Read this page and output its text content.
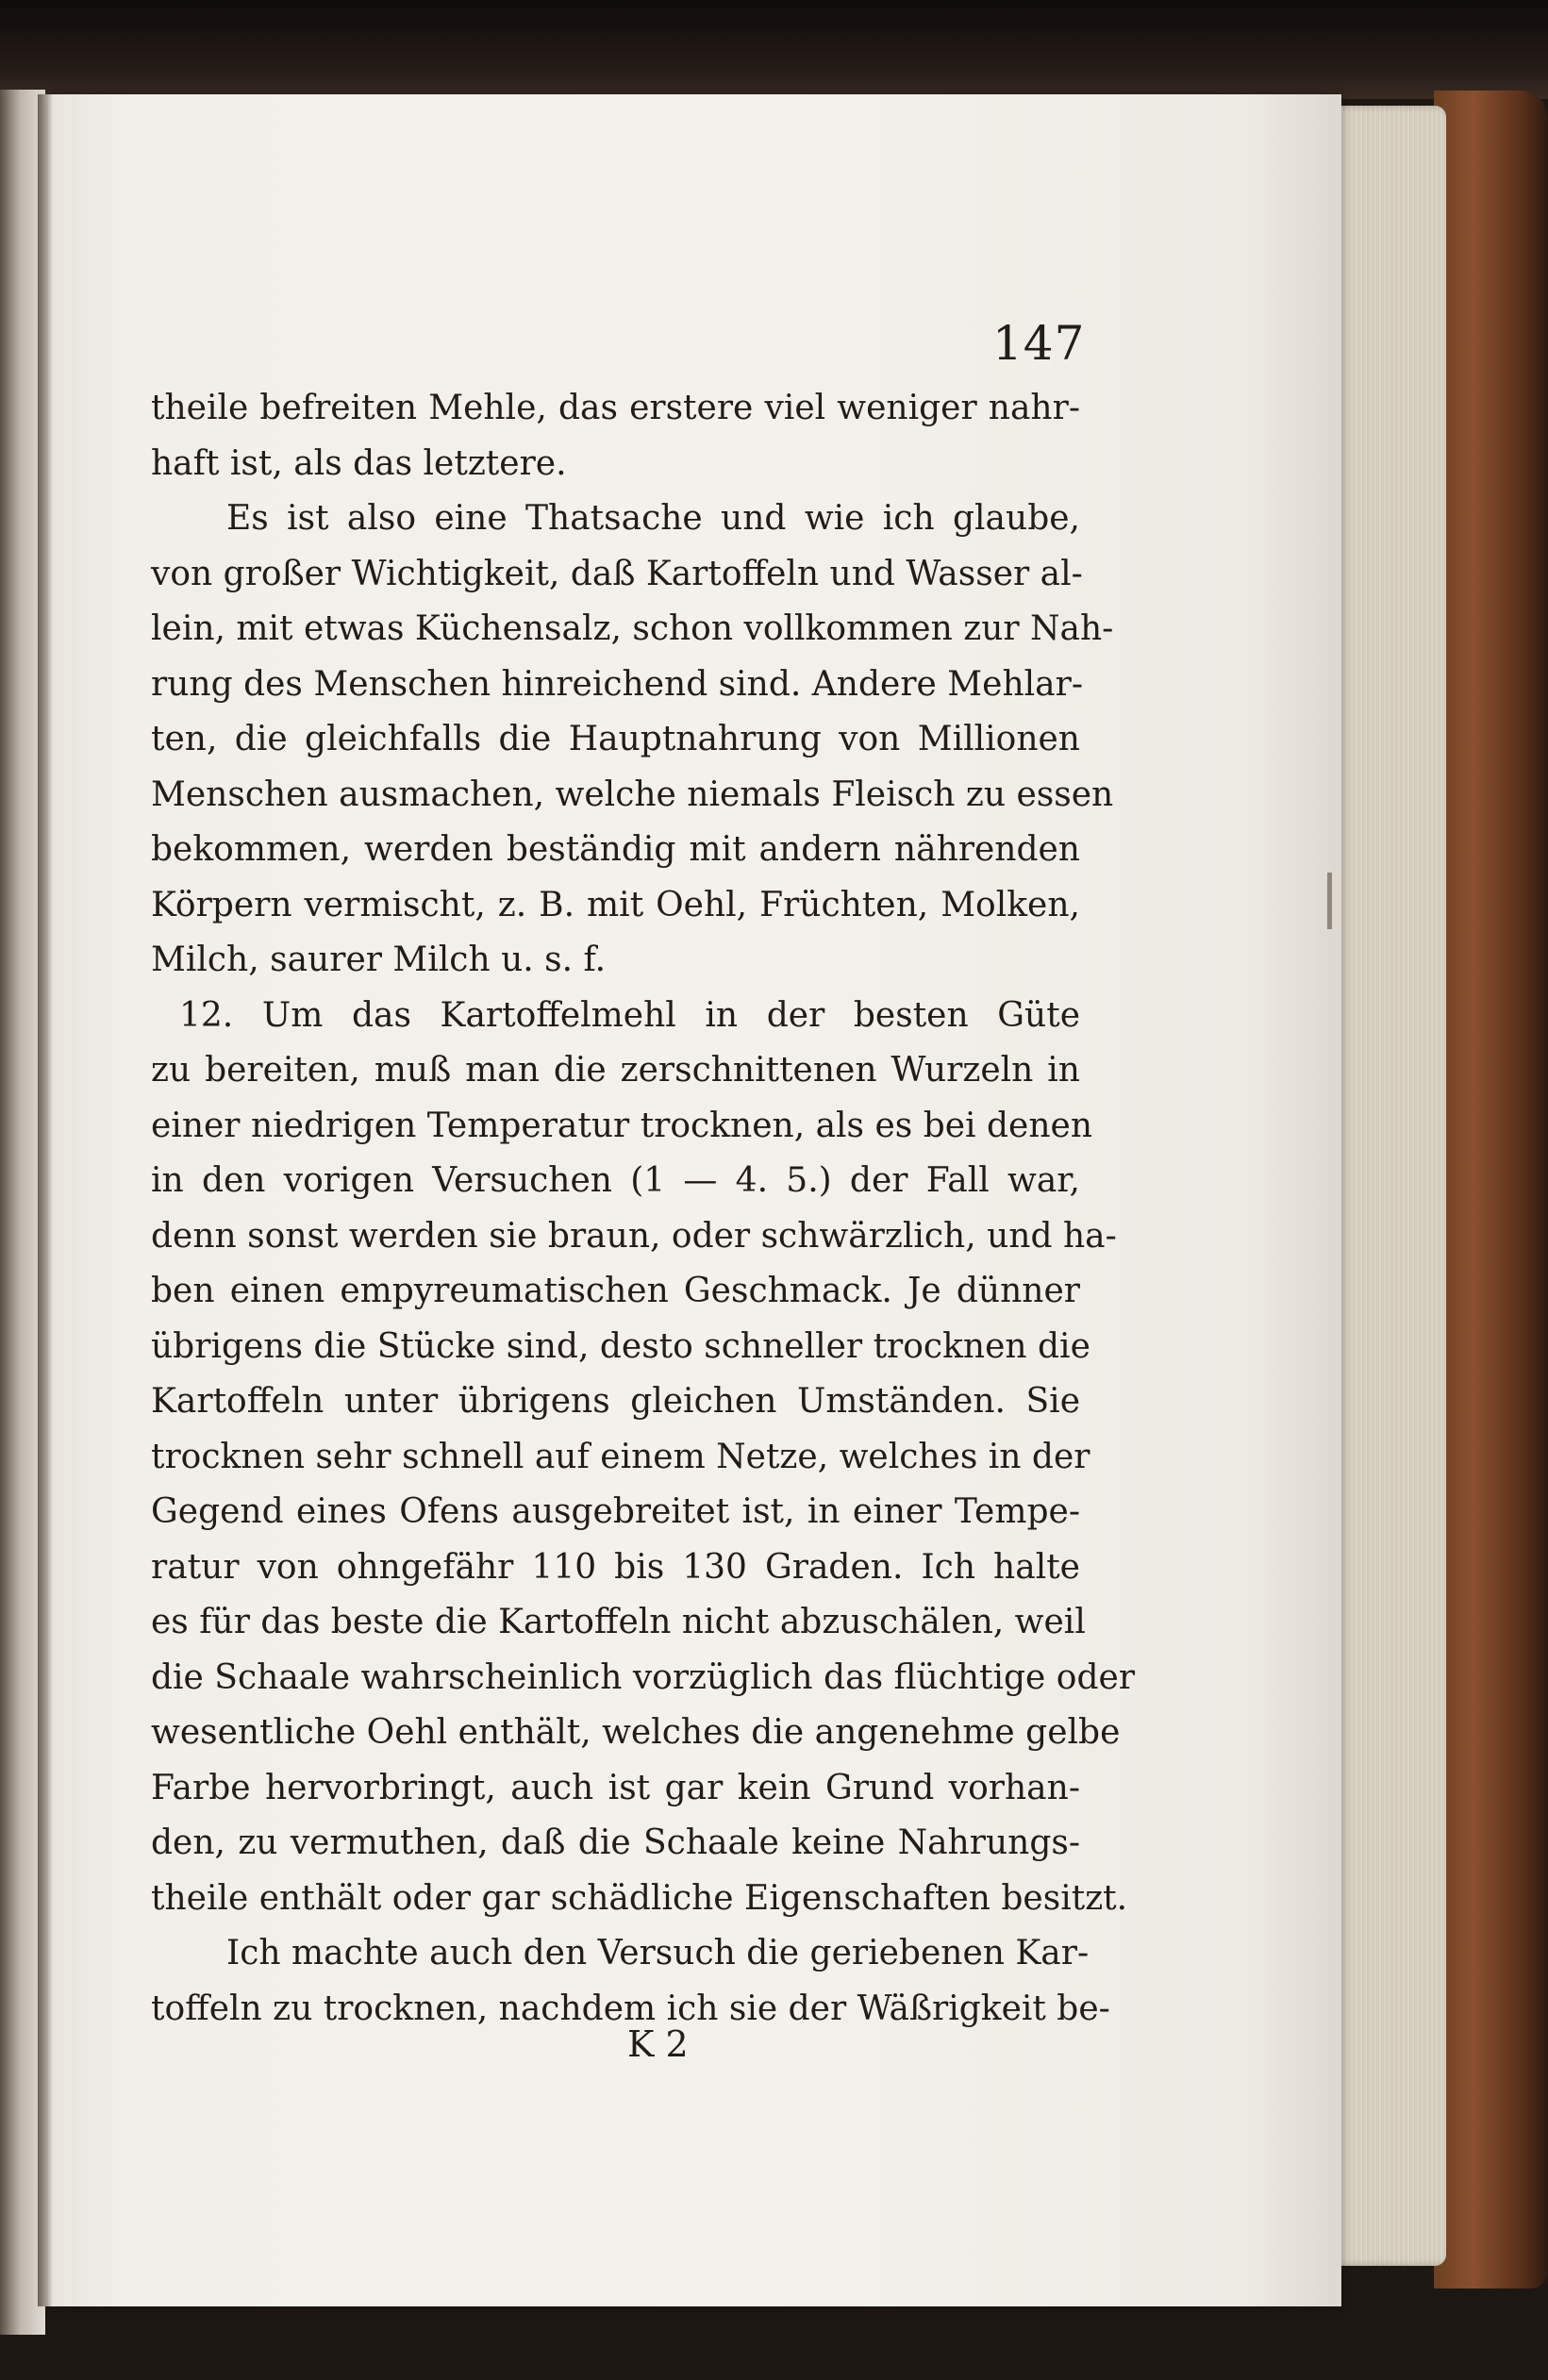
147
theile befreiten Mehle, das erstere viel weniger nahr-
haft ist, als das letztere.
Es ist also eine Thatsache und wie ich glaube,
von großer Wichtigkeit, daß Kartoffeln und Wasser al-
lein, mit etwas Küchensalz, schon vollkommen zur Nah-
rung des Menschen hinreichend sind. Andere Mehlar-
ten, die gleichfalls die Hauptnahrung von Millionen
Menschen ausmachen, welche niemals Fleisch zu essen
bekommen, werden beständig mit andern nährenden
Körpern vermischt, z. B. mit Oehl, Früchten, Molken,
Milch, saurer Milch u. s. f.
12. Um das Kartoffelmehl in der besten Güte
zu bereiten, muß man die zerschnittenen Wurzeln in
einer niedrigen Temperatur trocknen, als es bei denen
in den vorigen Versuchen (1 — 4. 5.) der Fall war,
denn sonst werden sie braun, oder schwärzlich, und ha-
ben einen empyreumatischen Geschmack. Je dünner
übrigens die Stücke sind, desto schneller trocknen die
Kartoffeln unter übrigens gleichen Umständen. Sie
trocknen sehr schnell auf einem Netze, welches in der
Gegend eines Ofens ausgebreitet ist, in einer Tempe-
ratur von ohngefähr 110 bis 130 Graden. Ich halte
es für das beste die Kartoffeln nicht abzuschälen, weil
die Schaale wahrscheinlich vorzüglich das flüchtige oder
wesentliche Oehl enthält, welches die angenehme gelbe
Farbe hervorbringt, auch ist gar kein Grund vorhan-
den, zu vermuthen, daß die Schaale keine Nahrungs-
theile enthält oder gar schädliche Eigenschaften besitzt.
Ich machte auch den Versuch die geriebenen Kar-
toffeln zu trocknen, nachdem ich sie der Wäßrigkeit be-
K 2
